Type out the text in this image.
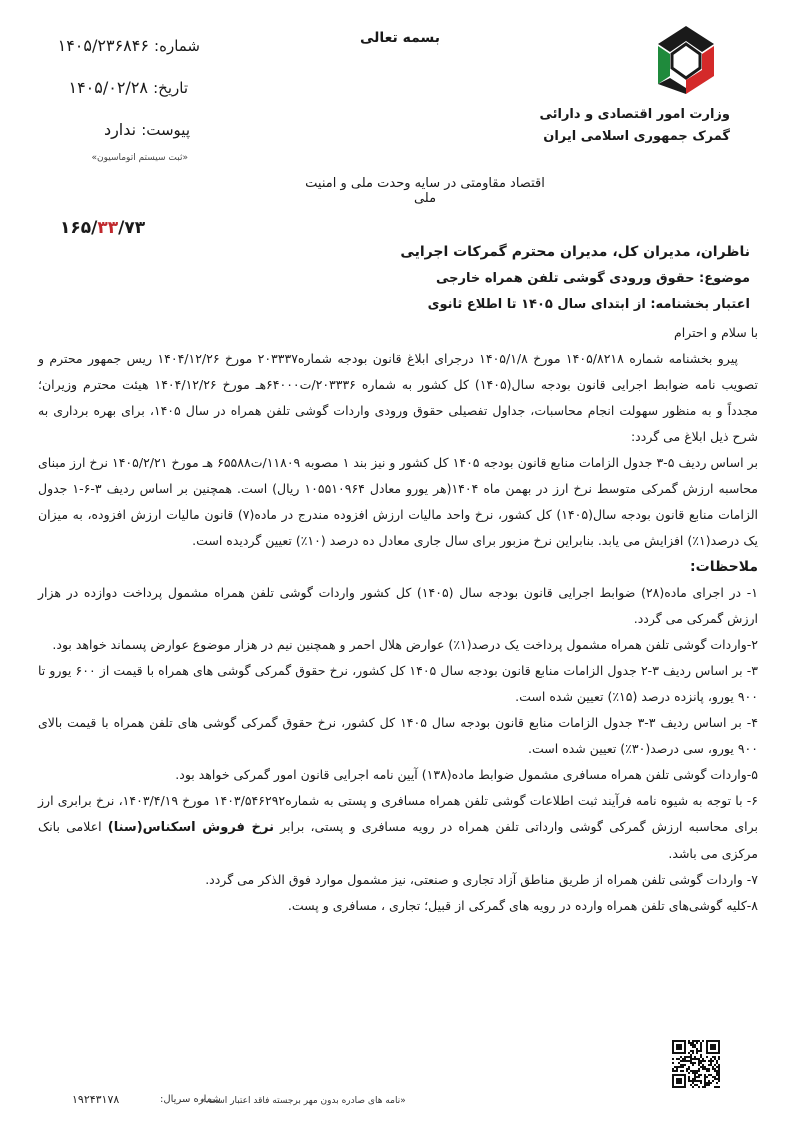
بسمه تعالی
وزارت امور اقتصادی و دارائی
گمرک جمهوری اسلامی ایران
شماره: ۱۴۰۵/۲۳۶۸۴۶
تاریخ: ۱۴۰۵/۰۲/۲۸
پیوست: ندارد
«ثبت سیستم اتوماسیون»
اقتصاد مقاومتی در سایه وحدت ملی و امنیت ملی
۱۶۵/۳۳/۷۳
ناظران، مدیران کل، مدیران محترم گمرکات اجرایی
موضوع: حقوق ورودی گوشی تلفن همراه خارجی
اعتبار بخشنامه: از ابتدای سال ۱۴۰۵ تا اطلاع ثانوی

با سلام و احترام

پیرو بخشنامه شماره ۱۴۰۵/۸۲۱۸ مورخ ۱۴۰۵/۱/۸ درجرای ابلاغ قانون بودجه شماره۲۰۳۳۳۷ مورخ ۱۴۰۴/۱۲/۲۶ ریس جمهور محترم و تصویب نامه ضوابط اجرایی قانون بودجه سال(۱۴۰۵) کل کشور به شماره ۲۰۳۳۳۶/ت۶۴۰۰۰هـ مورخ ۱۴۰۴/۱۲/۲۶ هیئت محترم وزیران؛ مجدداً و به منظور سهولت انجام محاسبات، جداول تفصیلی حقوق ورودی واردات گوشی تلفن همراه در سال ۱۴۰۵، برای بهره برداری به شرح ذیل ابلاغ می گردد:

بر اساس ردیف ۵-۳ جدول الزامات منابع قانون بودجه ۱۴۰۵ کل کشور و نیز بند ۱ مصوبه ۱۱۸۰۹/ت۶۵۵۸۸ هـ مورخ ۱۴۰۵/۲/۲۱ نرخ ارز مبنای محاسبه ارزش گمرکی متوسط نرخ ارز در بهمن ماه ۱۴۰۴(هر یورو معادل ۱۰۵۵۱۰۹۶۴ ریال) است. همچنین بر اساس ردیف ۳-۶-۱ جدول الزامات منابع قانون بودجه سال(۱۴۰۵) کل کشور، نرخ واحد مالیات ارزش افزوده مندرج در ماده(۷) قانون مالیات ارزش افزوده، به میزان یک درصد(۱٪) افزایش می یابد. بنابراین نرخ مزبور برای سال جاری معادل ده درصد (۱۰٪) تعیین گردیده است.

ملاحظات:

۱- در اجرای ماده(۲۸) ضوابط اجرایی قانون بودجه سال (۱۴۰۵) کل کشور واردات گوشی تلفن همراه مشمول پرداخت دوازده در هزار ارزش گمرکی می گردد.

۲-واردات گوشی تلفن همراه مشمول پرداخت یک درصد(۱٪) عوارض هلال احمر و همچنین نیم در هزار موضوع عوارض پسماند خواهد بود.

۳- بر اساس ردیف ۳-۲ جدول الزامات منابع قانون بودجه سال ۱۴۰۵ کل کشور، نرخ حقوق گمرکی گوشی های همراه با قیمت از ۶۰۰ یورو تا ۹۰۰ یورو، پانزده درصد (۱۵٪) تعیین شده است.

۴- بر اساس ردیف ۳-۳ جدول الزامات منابع قانون بودجه سال ۱۴۰۵ کل کشور، نرخ حقوق گمرکی گوشی های تلفن همراه با قیمت بالای ۹۰۰ یورو، سی درصد(۳۰٪) تعیین شده است.

۵-واردات گوشی تلفن همراه مسافری مشمول ضوابط ماده(۱۳۸) آیین نامه اجرایی قانون امور گمرکی خواهد بود.

۶- با توجه به شیوه نامه فرآیند ثبت اطلاعات گوشی تلفن همراه مسافری و پستی به شماره۱۴۰۳/۵۴۶۲۹۲ مورخ ۱۴۰۳/۴/۱۹، نرخ برابری ارز برای محاسبه ارزش گمرکی گوشی وارداتی تلفن همراه در رویه مسافری و پستی، برابر نرخ فروش اسکناس(سنا) اعلامی بانک مرکزی می باشد.

۷- واردات گوشی تلفن همراه از طریق مناطق آزاد تجاری و صنعتی، نیز مشمول موارد فوق الذکر می گردد.

۸-کلیه گوشی‌های تلفن همراه وارده در رویه های گمرکی از قبیل؛ تجاری ، مسافری و پست.

«نامه های صادره بدون مهر برجسته فاقد اعتبار است.»
شماره سریال:
۱۹۲۴۳۱۷۸
